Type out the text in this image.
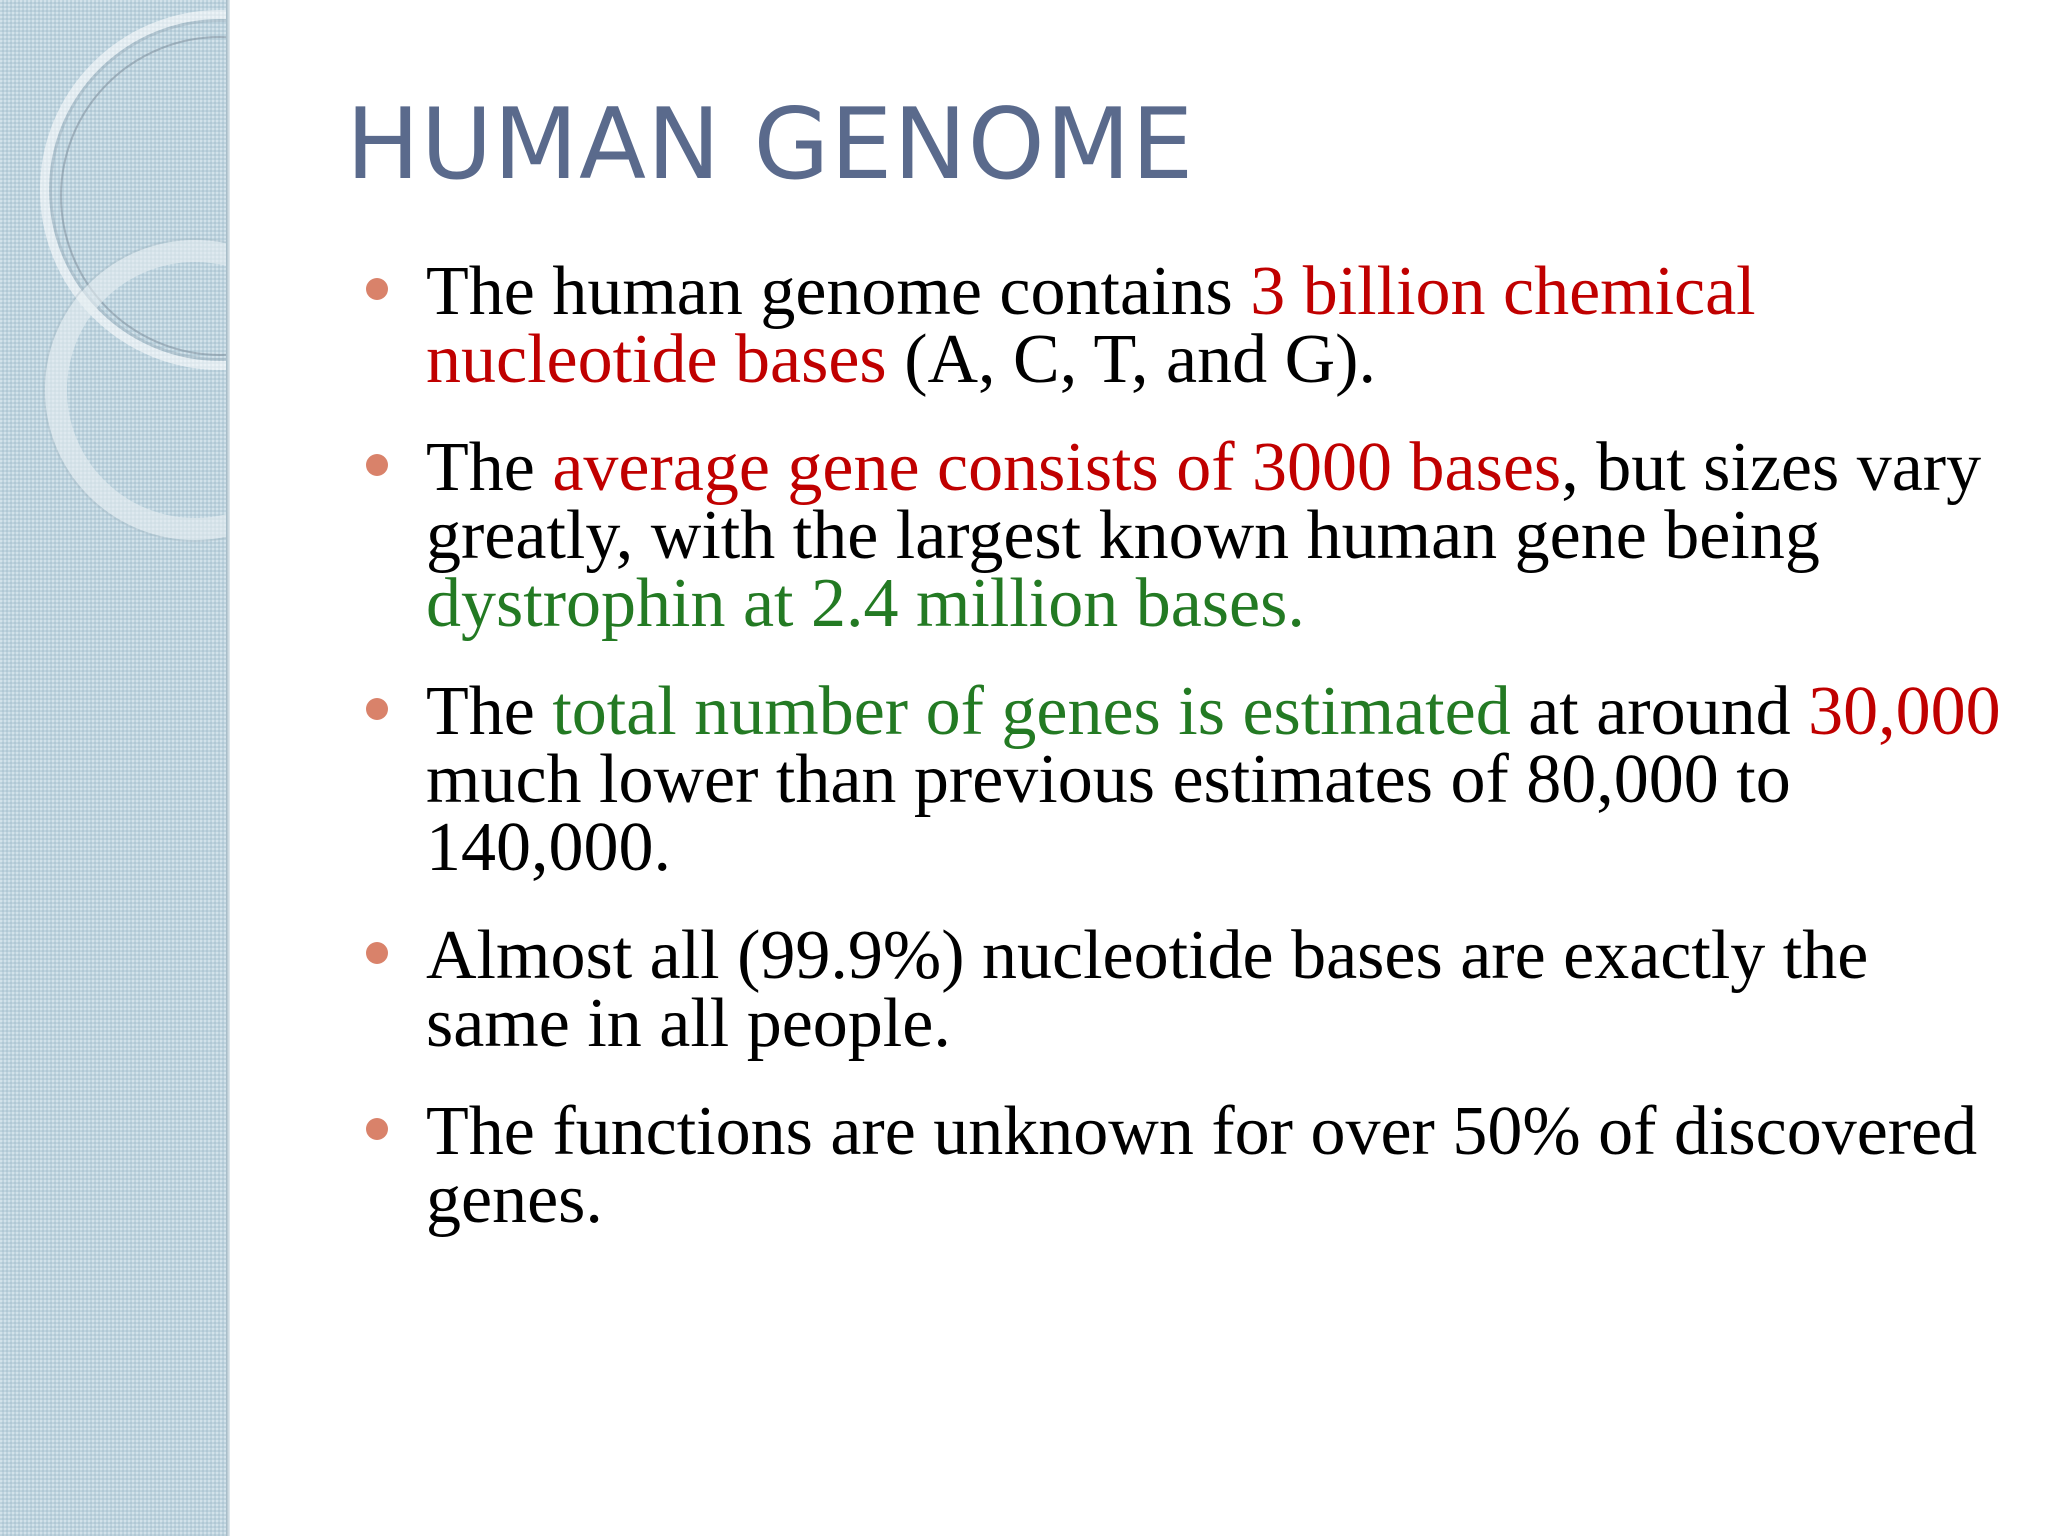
HUMAN GENOME
The human genome contains 3 billion chemical nucleotide bases (A, C, T, and G).
The average gene consists of 3000 bases, but sizes vary greatly, with the largest known human gene being dystrophin at 2.4 million bases.
The total number of genes is estimated at around 30,000 much lower than previous estimates of 80,000 to 140,000.
Almost all (99.9%) nucleotide bases are exactly the same in all people.
The functions are unknown for over 50% of discovered genes.
